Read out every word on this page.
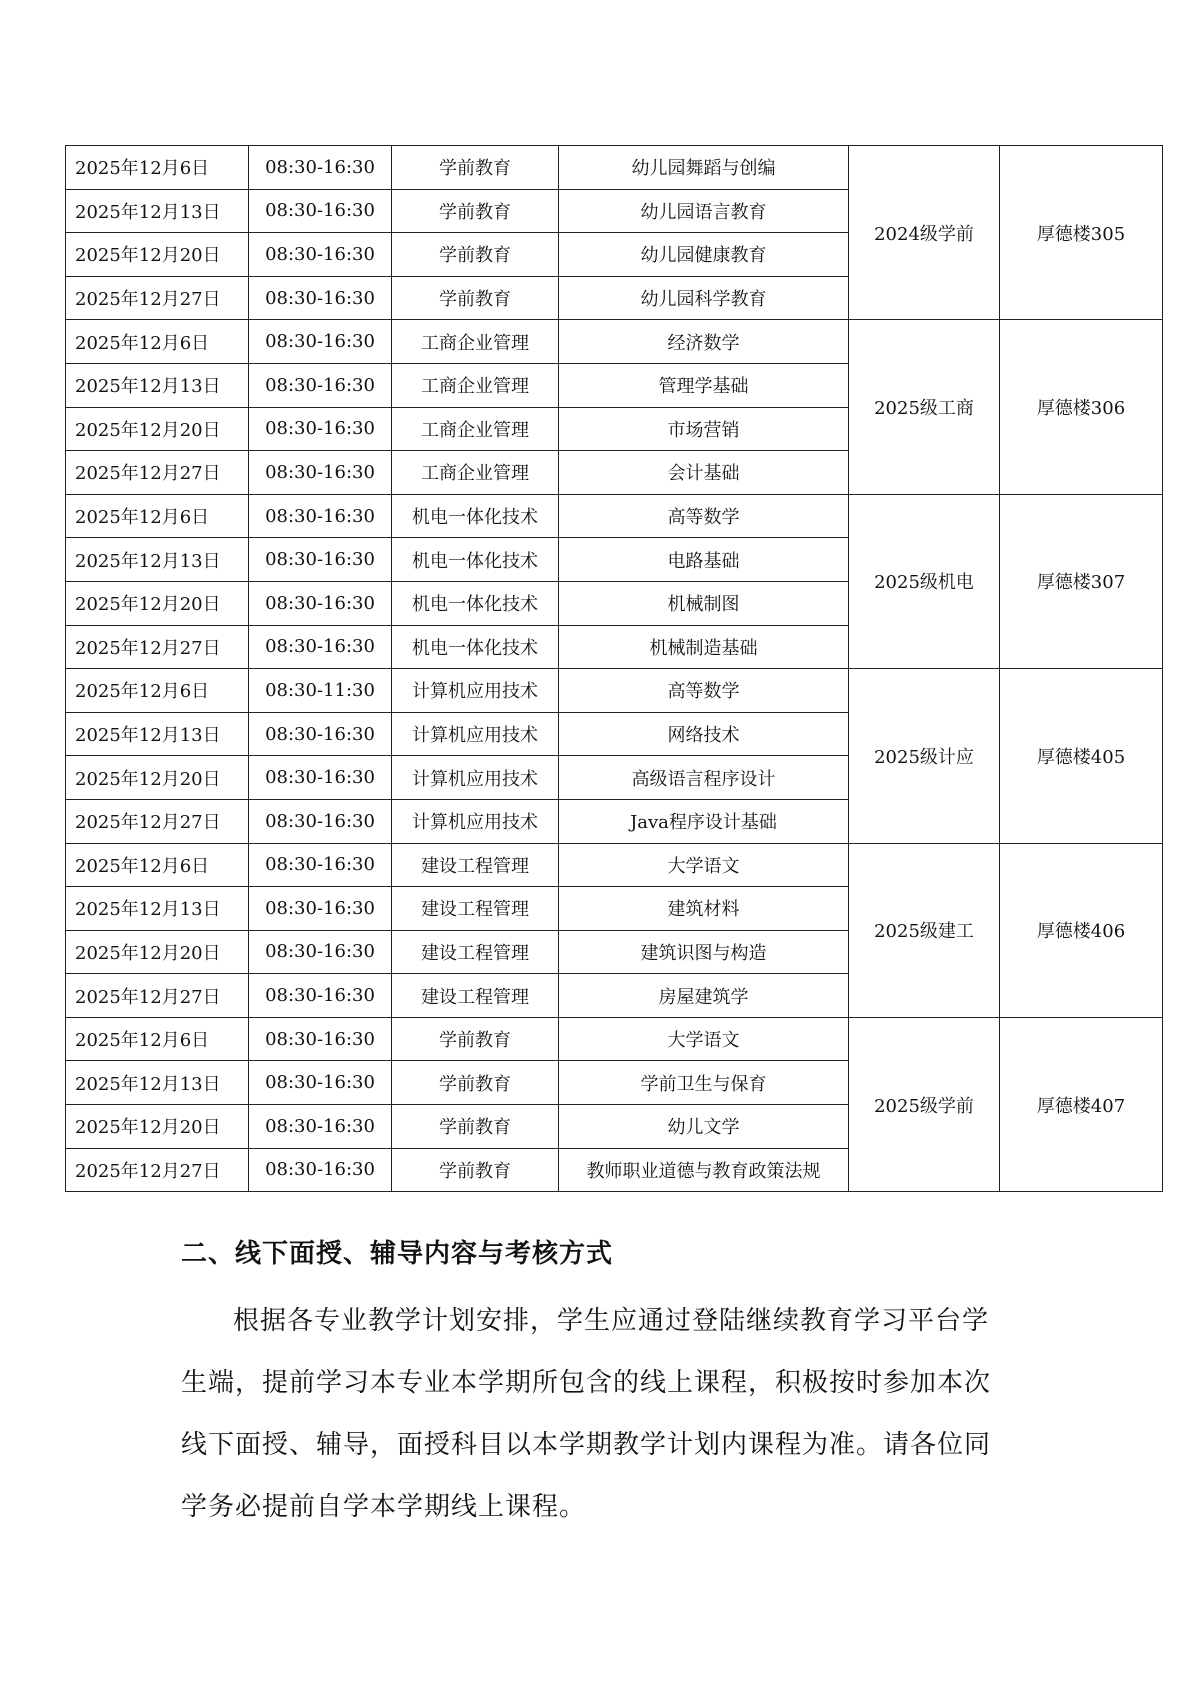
2025年12月6日	08:30-16:30	学前教育	幼儿园舞蹈与创编	2024级学前	厚德楼305
2025年12月13日	08:30-16:30	学前教育	幼儿园语言教育		
2025年12月20日	08:30-16:30	学前教育	幼儿园健康教育		
2025年12月27日	08:30-16:30	学前教育	幼儿园科学教育		
2025年12月6日	08:30-16:30	工商企业管理	经济数学	2025级工商	厚德楼306
2025年12月13日	08:30-16:30	工商企业管理	管理学基础		
2025年12月20日	08:30-16:30	工商企业管理	市场营销		
2025年12月27日	08:30-16:30	工商企业管理	会计基础		
2025年12月6日	08:30-16:30	机电一体化技术	高等数学	2025级机电	厚德楼307
2025年12月13日	08:30-16:30	机电一体化技术	电路基础		
2025年12月20日	08:30-16:30	机电一体化技术	机械制图		
2025年12月27日	08:30-16:30	机电一体化技术	机械制造基础		
2025年12月6日	08:30-11:30	计算机应用技术	高等数学	2025级计应	厚德楼405
2025年12月13日	08:30-16:30	计算机应用技术	网络技术		
2025年12月20日	08:30-16:30	计算机应用技术	高级语言程序设计		
2025年12月27日	08:30-16:30	计算机应用技术	Java程序设计基础		
2025年12月6日	08:30-16:30	建设工程管理	大学语文	2025级建工	厚德楼406
2025年12月13日	08:30-16:30	建设工程管理	建筑材料		
2025年12月20日	08:30-16:30	建设工程管理	建筑识图与构造		
2025年12月27日	08:30-16:30	建设工程管理	房屋建筑学		
2025年12月6日	08:30-16:30	学前教育	大学语文	2025级学前	厚德楼407
2025年12月13日	08:30-16:30	学前教育	学前卫生与保育		
2025年12月20日	08:30-16:30	学前教育	幼儿文学		
2025年12月27日	08:30-16:30	学前教育	教师职业道德与教育政策法规		
二、线下面授、辅导内容与考核方式

根据各专业教学计划安排，学生应通过登陆继续教育学习平台学
生端，提前学习本专业本学期所包含的线上课程，积极按时参加本次
线下面授、辅导，面授科目以本学期教学计划内课程为准。请各位同
学务必提前自学本学期线上课程。
